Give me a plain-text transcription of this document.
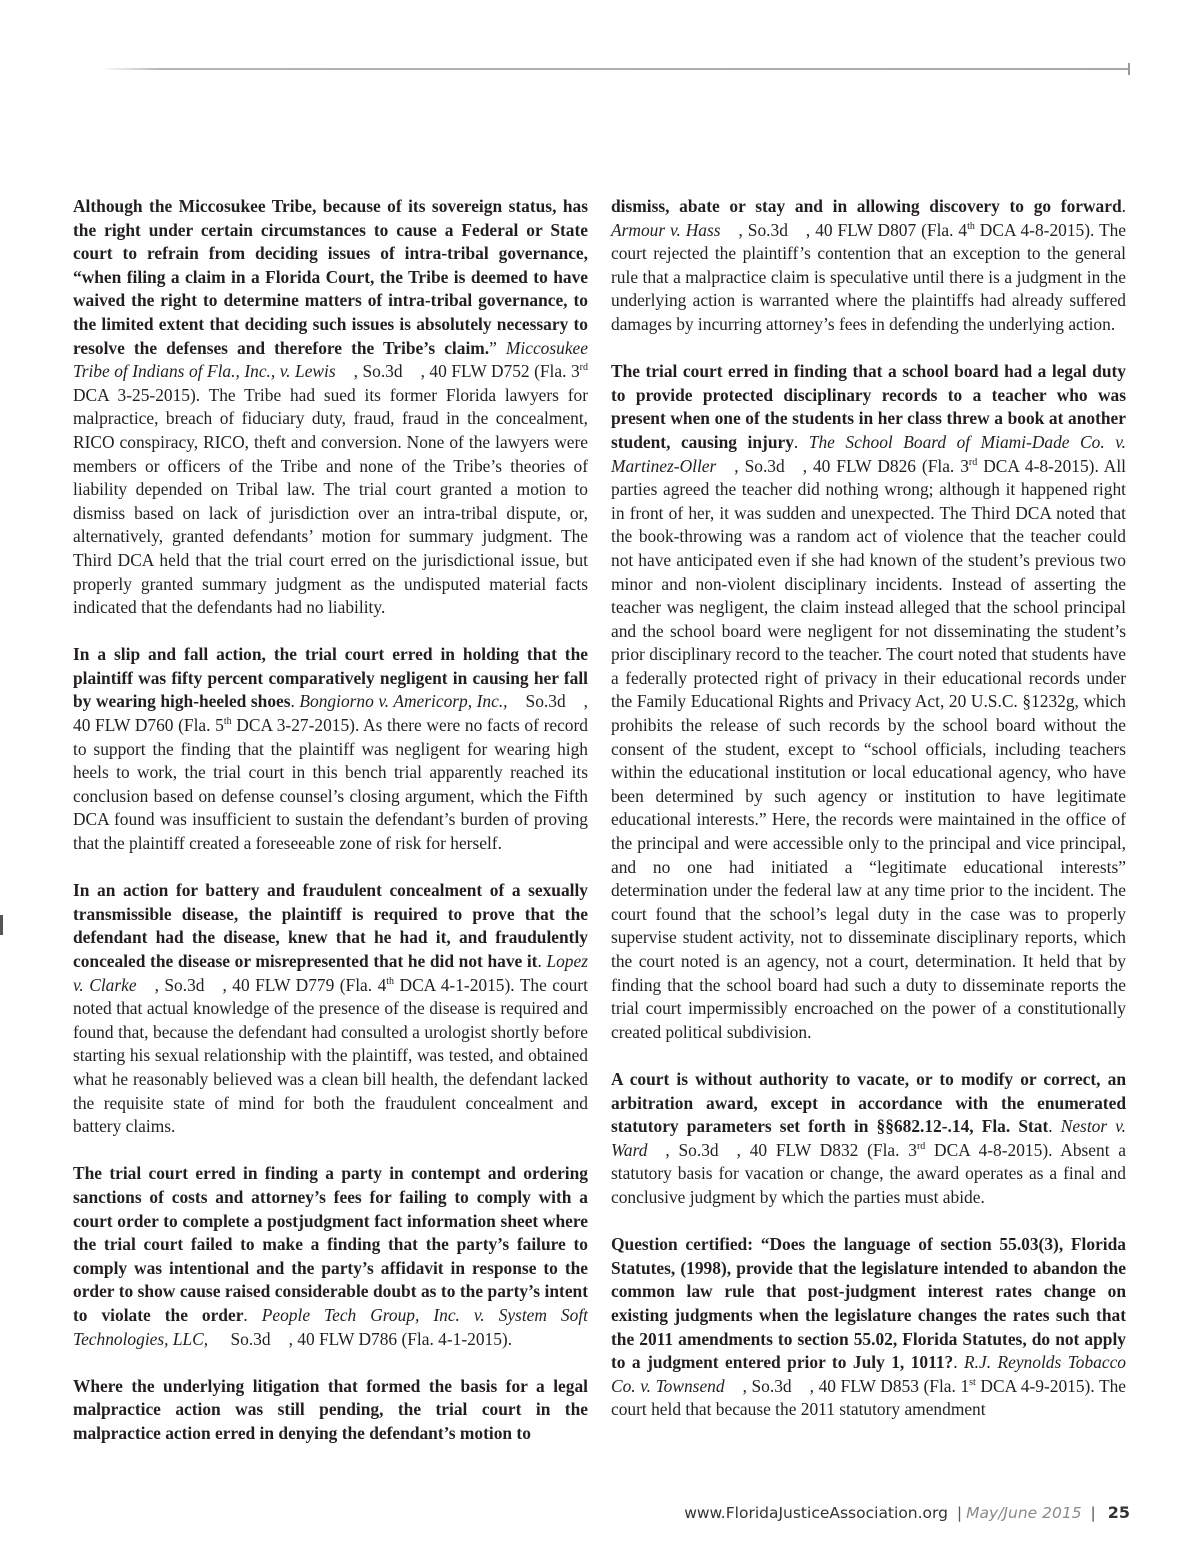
Although the Miccosukee Tribe, because of its sovereign status, has the right under certain circumstances to cause a Federal or State court to refrain from deciding issues of intra-tribal governance, “when filing a claim in a Florida Court, the Tribe is deemed to have waived the right to determine matters of intra-tribal governance, to the limited extent that deciding such issues is absolutely necessary to resolve the defenses and therefore the Tribe’s claim.” Miccosukee Tribe of Indians of Fla., Inc., v. Lewis , So.3d , 40 FLW D752 (Fla. 3rd DCA 3-25-2015). The Tribe had sued its former Florida lawyers for malpractice, breach of fiduciary duty, fraud, fraud in the concealment, RICO conspiracy, RICO, theft and conversion. None of the lawyers were members or officers of the Tribe and none of the Tribe’s theories of liability depended on Tribal law. The trial court granted a motion to dismiss based on lack of jurisdiction over an intra-tribal dispute, or, alternatively, granted defendants’ motion for summary judgment. The Third DCA held that the trial court erred on the jurisdictional issue, but properly granted summary judgment as the undisputed material facts indicated that the defendants had no liability.

In a slip and fall action, the trial court erred in holding that the plaintiff was fifty percent comparatively negligent in causing her fall by wearing high-heeled shoes. Bongiorno v. Americorp, Inc., So.3d , 40 FLW D760 (Fla. 5th DCA 3-27-2015). As there were no facts of record to support the finding that the plaintiff was negligent for wearing high heels to work, the trial court in this bench trial apparently reached its conclusion based on defense counsel’s closing argument, which the Fifth DCA found was insufficient to sustain the defendant’s burden of proving that the plaintiff created a foreseeable zone of risk for herself.

In an action for battery and fraudulent concealment of a sexually transmissible disease, the plaintiff is required to prove that the defendant had the disease, knew that he had it, and fraudulently concealed the disease or misrepresented that he did not have it. Lopez v. Clarke , So.3d , 40 FLW D779 (Fla. 4th DCA 4-1-2015). The court noted that actual knowledge of the presence of the disease is required and found that, because the defendant had consulted a urologist shortly before starting his sexual relationship with the plaintiff, was tested, and obtained what he reasonably believed was a clean bill health, the defendant lacked the requisite state of mind for both the fraudulent concealment and battery claims.

The trial court erred in finding a party in contempt and ordering sanctions of costs and attorney’s fees for failing to comply with a court order to complete a postjudgment fact information sheet where the trial court failed to make a finding that the party’s failure to comply was intentional and the party’s affidavit in response to the order to show cause raised considerable doubt as to the party’s intent to violate the order. People Tech Group, Inc. v. System Soft Technologies, LLC, So.3d , 40 FLW D786 (Fla. 4-1-2015).

Where the underlying litigation that formed the basis for a legal malpractice action was still pending, the trial court in the malpractice action erred in denying the defendant’s motion to

dismiss, abate or stay and in allowing discovery to go forward. Armour v. Hass , So.3d , 40 FLW D807 (Fla. 4th DCA 4-8-2015). The court rejected the plaintiff’s contention that an exception to the general rule that a malpractice claim is speculative until there is a judgment in the underlying action is warranted where the plaintiffs had already suffered damages by incurring attorney’s fees in defending the underlying action.

The trial court erred in finding that a school board had a legal duty to provide protected disciplinary records to a teacher who was present when one of the students in her class threw a book at another student, causing injury. The School Board of Miami-Dade Co. v. Martinez-Oller , So.3d , 40 FLW D826 (Fla. 3rd DCA 4-8-2015). All parties agreed the teacher did nothing wrong; although it happened right in front of her, it was sudden and unexpected. The Third DCA noted that the book-throwing was a random act of violence that the teacher could not have anticipated even if she had known of the student’s previous two minor and non-violent disciplinary incidents. Instead of asserting the teacher was negligent, the claim instead alleged that the school principal and the school board were negligent for not disseminating the student’s prior disciplinary record to the teacher. The court noted that students have a federally protected right of privacy in their educational records under the Family Educational Rights and Privacy Act, 20 U.S.C. §1232g, which prohibits the release of such records by the school board without the consent of the student, except to “school officials, including teachers within the educational institution or local educational agency, who have been determined by such agency or institution to have legitimate educational interests.” Here, the records were maintained in the office of the principal and were accessible only to the principal and vice principal, and no one had initiated a “legitimate educational interests” determination under the federal law at any time prior to the incident. The court found that the school’s legal duty in the case was to properly supervise student activity, not to disseminate disciplinary reports, which the court noted is an agency, not a court, determination. It held that by finding that the school board had such a duty to disseminate reports the trial court impermissibly encroached on the power of a constitutionally created political subdivision.

A court is without authority to vacate, or to modify or correct, an arbitration award, except in accordance with the enumerated statutory parameters set forth in §§682.12-.14, Fla. Stat. Nestor v. Ward , So.3d , 40 FLW D832 (Fla. 3rd DCA 4-8-2015). Absent a statutory basis for vacation or change, the award operates as a final and conclusive judgment by which the parties must abide.

Question certified: “Does the language of section 55.03(3), Florida Statutes, (1998), provide that the legislature intended to abandon the common law rule that post-judgment interest rates change on existing judgments when the legislature changes the rates such that the 2011 amendments to section 55.02, Florida Statutes, do not apply to a judgment entered prior to July 1, 1011?. R.J. Reynolds Tobacco Co. v. Townsend , So.3d , 40 FLW D853 (Fla. 1st DCA 4-9-2015). The court held that because the 2011 statutory amendment

www.FloridaJusticeAssociation.org | May/June 2015 | 25
